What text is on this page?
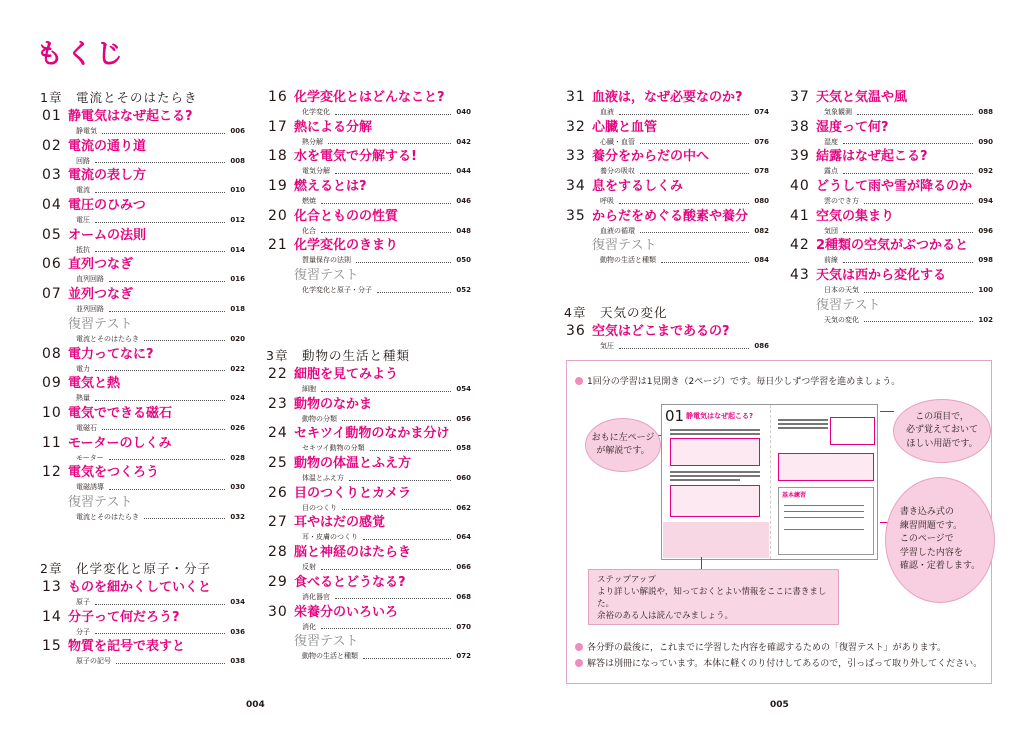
もくじ
1章　電流とそのはたらき
01 静電気はなぜ起こる?
静電気	006
02 電流の通り道
回路	008
03 電流の表し方
電流	010
04 電圧のひみつ
電圧	012
05 オームの法則
抵抗	014
06 直列つなぎ
直列回路	016
07 並列つなぎ
並列回路	018
復習テスト
電流とそのはたらき	020
08 電力ってなに?
電力	022
09 電気と熱
熱量	024
10 電気でできる磁石
電磁石	026
11 モーターのしくみ
モーター	028
12 電気をつくろう
電磁誘導	030
復習テスト
電流とそのはたらき	032
2章　化学変化と原子・分子
13 ものを細かくしていくと
原子	034
14 分子って何だろう?
分子	036
15 物質を記号で表すと
原子の記号	038
16 化学変化とはどんなこと?
化学変化	040
17 熱による分解
熱分解	042
18 水を電気で分解する!
電気分解	044
19 燃えるとは?
燃焼	046
20 化合とものの性質
化合	048
21 化学変化のきまり
質量保存の法則	050
復習テスト
化学変化と原子・分子	052
3章　動物の生活と種類
22 細胞を見てみよう
細胞	054
23 動物のなかま
動物の分類	056
24 セキツイ動物のなかま分け
セキツイ動物の分類	058
25 動物の体温とふえ方
体温とふえ方	060
26 目のつくりとカメラ
目のつくり	062
27 耳やはだの感覚
耳・皮膚のつくり	064
28 脳と神経のはたらき
反射	066
29 食べるとどうなる?
消化器官	068
30 栄養分のいろいろ
消化	070
復習テスト
動物の生活と種類	072
31 血液は，なぜ必要なのか?
血液	074
32 心臓と血管
心臓・血管	076
33 養分をからだの中へ
養分の吸収	078
34 息をするしくみ
呼吸	080
35 からだをめぐる酸素や養分
血液の循環	082
復習テスト
動物の生活と種類	084
4章　天気の変化
36 空気はどこまであるの?
気圧	086
37 天気と気温や風
気象観測	088
38 湿度って何?
湿度	090
39 結露はなぜ起こる?
露点	092
40 どうして雨や雪が降るのか
雲のでき方	094
41 空気の集まり
気団	096
42 2種類の空気がぶつかると
前線	098
43 天気は西から変化する
日本の天気	100
復習テスト
天気の変化	102
1回分の学習は1見開き（2ページ）です。毎日少しずつ学習を進めましょう。
01 静電気はなぜ起こる?
基本練習
おもに左ページ
が解説です。
この項目で，
必ず覚えておいて
ほしい用語です。
書き込み式の
練習問題です。
このページで
学習した内容を
確認・定着します。
ステップアップ
より詳しい解説や，知っておくとよい情報をここに書きました。
余裕のある人は読んでみましょう。
各分野の最後に，これまでに学習した内容を確認するための「復習テスト」があります。
解答は別冊になっています。本体に軽くのり付けしてあるので，引っぱって取り外してください。
004	005
